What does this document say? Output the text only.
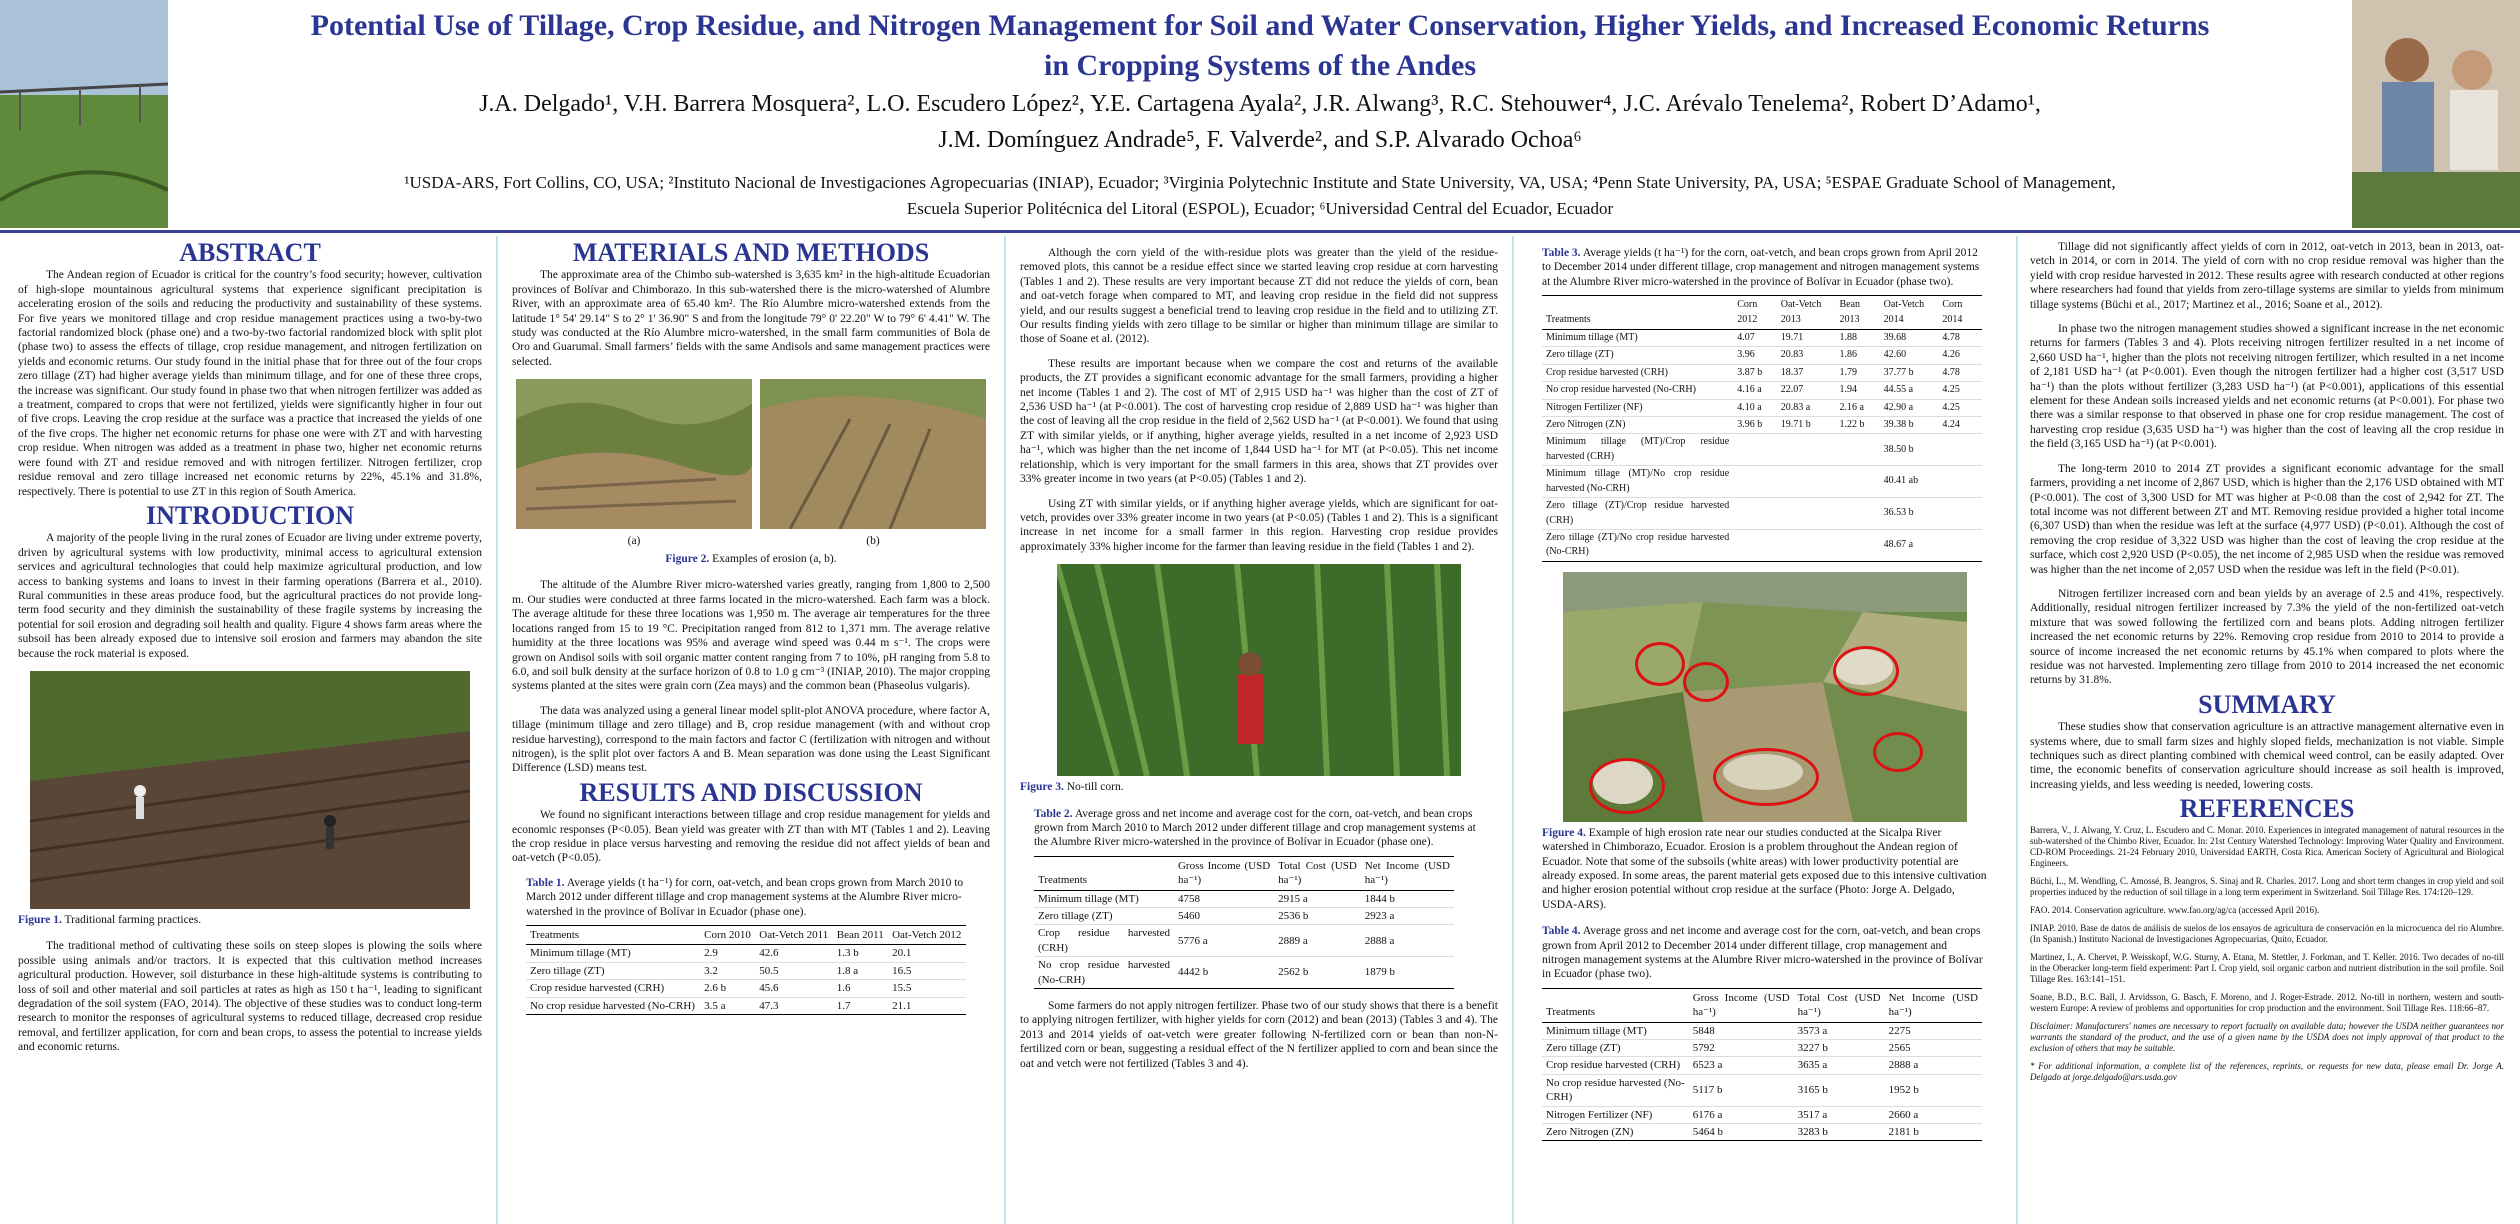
Potential Use of Tillage, Crop Residue, and Nitrogen Management for Soil and Water Conservation, Higher Yields, and Increased Economic Returns
in Cropping Systems of the Andes
J.A. Delgado¹, V.H. Barrera Mosquera², L.O. Escudero López², Y.E. Cartagena Ayala², J.R. Alwang³, R.C. Stehouwer⁴, J.C. Arévalo Tenelema², Robert D’Adamo¹,
J.M. Domínguez Andrade⁵, F. Valverde², and S.P. Alvarado Ochoa⁶
¹USDA-ARS, Fort Collins, CO, USA; ²Instituto Nacional de Investigaciones Agropecuarias (INIAP), Ecuador; ³Virginia Polytechnic Institute and State University, VA, USA; ⁴Penn State University, PA, USA; ⁵ESPAE Graduate School of Management,
Escuela Superior Politécnica del Litoral (ESPOL), Ecuador; ⁶Universidad Central del Ecuador, Ecuador
ABSTRACT

The Andean region of Ecuador is critical for the country’s food security; however, cultivation of high-slope mountainous agricultural systems that experience significant precipitation is accelerating erosion of the soils and reducing the productivity and sustainability of these systems. For five years we monitored tillage and crop residue management practices using a two-by-two factorial randomized block (phase one) and a two-by-two factorial randomized block with split plot (phase two) to assess the effects of tillage, crop residue management, and nitrogen fertilization on yields and economic returns. Our study found in the initial phase that for three out of the four crops zero tillage (ZT) had higher average yields than minimum tillage, and for one of these three crops, the increase was significant. Our study found in phase two that when nitrogen fertilizer was added as a treatment, compared to crops that were not fertilized, yields were significantly higher in four out of five crops. Leaving the crop residue at the surface was a practice that increased the yields of one of the five crops. The higher net economic returns for phase one were with ZT and with harvesting crop residue. When nitrogen was added as a treatment in phase two, higher net economic returns were found with ZT and residue removed and with nitrogen fertilizer. Nitrogen fertilizer, crop residue removal and zero tillage increased net economic returns by 22%, 45.1% and 31.8%, respectively. There is potential to use ZT in this region of South America.

INTRODUCTION

A majority of the people living in the rural zones of Ecuador are living under extreme poverty, driven by agricultural systems with low productivity, minimal access to agricultural extension services and agricultural technologies that could help maximize agricultural production, and low access to banking systems and loans to invest in their farming operations (Barrera et al., 2010). Rural communities in these areas produce food, but the agricultural practices do not provide long-term food security and they diminish the sustainability of these fragile systems by increasing the potential for soil erosion and degrading soil health and quality. Figure 4 shows farm areas where the subsoil has been already exposed due to intensive soil erosion and farmers may abandon the site because the rock material is exposed.

Figure 1. Traditional farming practices.

The traditional method of cultivating these soils on steep slopes is plowing the soils where possible using animals and/or tractors. It is expected that this cultivation method increases agricultural production. However, soil disturbance in these high-altitude systems is contributing to loss of soil and other material and soil particles at rates as high as 150 t ha⁻¹, leading to significant degradation of the soil system (FAO, 2014). The objective of these studies was to conduct long-term research to monitor the responses of agricultural systems to reduced tillage, decreased crop residue removal, and fertilizer application, for corn and bean crops, to assess the potential to increase yields and economic returns.

MATERIALS AND METHODS

The approximate area of the Chimbo sub-watershed is 3,635 km² in the high-altitude Ecuadorian provinces of Bolívar and Chimborazo. In this sub-watershed there is the micro-watershed of Alumbre River, with an approximate area of 65.40 km². The Río Alumbre micro-watershed extends from the latitude 1° 54' 29.14" S to 2° 1' 36.90" S and from the longitude 79° 0' 22.20" W to 79° 6' 4.41" W. The study was conducted at the Río Alumbre micro-watershed, in the small farm communities of Bola de Oro and Guarumal. Small farmers’ fields with the same Andisols and same management practices were selected.

(a)	(b)
Figure 2. Examples of erosion (a, b).

The altitude of the Alumbre River micro-watershed varies greatly, ranging from 1,800 to 2,500 m. Our studies were conducted at three farms located in the micro-watershed. Each farm was a block. The average altitude for these three locations was 1,950 m. The average air temperatures for the three locations ranged from 15 to 19 °C. Precipitation ranged from 812 to 1,371 mm. The average relative humidity at the three locations was 95% and average wind speed was 0.44 m s⁻¹. The crops were grown on Andisol soils with soil organic matter content ranging from 7 to 10%, pH ranging from 5.8 to 6.0, and soil bulk density at the surface horizon of 0.8 to 1.0 g cm⁻³ (INIAP, 2010). The major cropping systems planted at the sites were grain corn (Zea mays) and the common bean (Phaseolus vulgaris).

The data was analyzed using a general linear model split-plot ANOVA procedure, where factor A, tillage (minimum tillage and zero tillage) and B, crop residue management (with and without crop residue harvesting), correspond to the main factors and factor C (fertilization with nitrogen and without nitrogen), is the split plot over factors A and B. Mean separation was done using the Least Significant Difference (LSD) means test.

RESULTS AND DISCUSSION

We found no significant interactions between tillage and crop residue management for yields and economic responses (P<0.05). Bean yield was greater with ZT than with MT (Tables 1 and 2). Leaving the crop residue in place versus harvesting and removing the residue did not affect yields of bean and oat-vetch (P<0.05).

Table 1. Average yields (t ha⁻¹) for corn, oat-vetch, and bean crops grown from March 2010 to March 2012 under different tillage and crop management systems at the Alumbre River micro-watershed in the province of Bolívar in Ecuador (phase one).
Treatments	Corn 2010	Oat-Vetch 2011	Bean 2011	Oat-Vetch 2012
Minimum tillage (MT)	2.9	42.6	1.3 b	20.1
Zero tillage (ZT)	3.2	50.5	1.8 a	16.5
Crop residue harvested (CRH)	2.6 b	45.6	1.6	15.5
No crop residue harvested (No-CRH)	3.5 a	47.3	1.7	21.1

Although the corn yield of the with-residue plots was greater than the yield of the residue-removed plots, this cannot be a residue effect since we started leaving crop residue at corn harvesting (Tables 1 and 2). These results are very important because ZT did not reduce the yields of corn, bean and oat-vetch forage when compared to MT, and leaving crop residue in the field did not suppress yield, and our results suggest a beneficial trend to leaving crop residue in the field and to utilizing ZT. Our results finding yields with zero tillage to be similar or higher than minimum tillage are similar to those of Soane et al. (2012).

These results are important because when we compare the cost and returns of the available products, the ZT provides a significant economic advantage for the small farmers, providing a higher net income (Tables 1 and 2). The cost of MT of 2,915 USD ha⁻¹ was higher than the cost of ZT of 2,536 USD ha⁻¹ (at P<0.001). The cost of harvesting crop residue of 2,889 USD ha⁻¹ was higher than the cost of leaving all the crop residue in the field of 2,562 USD ha⁻¹ (at P<0.001). We found that using ZT with similar yields, or if anything, higher average yields, resulted in a net income of 2,923 USD ha⁻¹, which was higher than the net income of 1,844 USD ha⁻¹ for MT (at P<0.05). This net income relationship, which is very important for the small farmers in this area, shows that ZT provides over 33% greater income in two years (at P<0.05) (Tables 1 and 2).

Using ZT with similar yields, or if anything higher average yields, which are significant for oat-vetch, provides over 33% greater income in two years (at P<0.05) (Tables 1 and 2). This is a significant increase in net income for a small farmer in this region. Harvesting crop residue provides approximately 33% higher income for the farmer than leaving residue in the field (Tables 1 and 2).

Figure 3. No-till corn.
Table 2. Average gross and net income and average cost for the corn, oat-vetch, and bean crops grown from March 2010 to March 2012 under different tillage and crop management systems at the Alumbre River micro-watershed in the province of Bolívar in Ecuador (phase one).
Treatments	Gross Income (USD ha⁻¹)	Total Cost (USD ha⁻¹)	Net Income (USD ha⁻¹)
Minimum tillage (MT)	4758	2915 a	1844 b
Zero tillage (ZT)	5460	2536 b	2923 a
Crop residue harvested (CRH)	5776 a	2889 a	2888 a
No crop residue harvested (No-CRH)	4442 b	2562 b	1879 b

Some farmers do not apply nitrogen fertilizer. Phase two of our study shows that there is a benefit to applying nitrogen fertilizer, with higher yields for corn (2012) and bean (2013) (Tables 3 and 4). The 2013 and 2014 yields of oat-vetch were greater following N-fertilized corn or bean than non-N-fertilized corn or bean, suggesting a residual effect of the N fertilizer applied to corn and bean since the oat and vetch were not fertilized (Tables 3 and 4).

Table 3. Average yields (t ha⁻¹) for the corn, oat-vetch, and bean crops grown from April 2012 to December 2014 under different tillage, crop management and nitrogen management systems at the Alumbre River micro-watershed in the province of Bolívar in Ecuador (phase two).
Treatments	Corn 2012	Oat-Vetch 2013	Bean 2013	Oat-Vetch 2014	Corn 2014
Minimum tillage (MT)	4.07	19.71	1.88	39.68	4.78
Zero tillage (ZT)	3.96	20.83	1.86	42.60	4.26
Crop residue harvested (CRH)	3.87 b	18.37	1.79	37.77 b	4.78
No crop residue harvested (No-CRH)	4.16 a	22.07	1.94	44.55 a	4.25
Nitrogen Fertilizer (NF)	4.10 a	20.83 a	2.16 a	42.90 a	4.25
Zero Nitrogen (ZN)	3.96 b	19.71 b	1.22 b	39.38 b	4.24
Minimum tillage (MT)/Crop residue harvested (CRH)				38.50 b	
Minimum tillage (MT)/No crop residue harvested (No-CRH)				40.41 ab	
Zero tillage (ZT)/Crop residue harvested (CRH)				36.53 b	
Zero tillage (ZT)/No crop residue harvested (No-CRH)				48.67 a	
Figure 4. Example of high erosion rate near our studies conducted at the Sicalpa River watershed in Chimborazo, Ecuador. Erosion is a problem throughout the Andean region of Ecuador. Note that some of the subsoils (white areas) with lower productivity potential are already exposed. In some areas, the parent material gets exposed due to this intensive cultivation and higher erosion potential without crop residue at the surface (Photo: Jorge A. Delgado, USDA-ARS).
Table 4. Average gross and net income and average cost for the corn, oat-vetch, and bean crops grown from April 2012 to December 2014 under different tillage, crop management and nitrogen management systems at the Alumbre River micro-watershed in the province of Bolívar in Ecuador (phase two).
Treatments	Gross Income (USD ha⁻¹)	Total Cost (USD ha⁻¹)	Net Income (USD ha⁻¹)
Minimum tillage (MT)	5848	3573 a	2275
Zero tillage (ZT)	5792	3227 b	2565
Crop residue harvested (CRH)	6523 a	3635 a	2888 a
No crop residue harvested (No-CRH)	5117 b	3165 b	1952 b
Nitrogen Fertilizer (NF)	6176 a	3517 a	2660 a
Zero Nitrogen (ZN)	5464 b	3283 b	2181 b

Tillage did not significantly affect yields of corn in 2012, oat-vetch in 2013, bean in 2013, oat-vetch in 2014, or corn in 2014. The yield of corn with no crop residue removal was higher than the yield with crop residue harvested in 2012. These results agree with research conducted at other regions where researchers had found that yields from zero-tillage systems are similar to yields from minimum tillage systems (Büchi et al., 2017; Martinez et al., 2016; Soane et al., 2012).

In phase two the nitrogen management studies showed a significant increase in the net economic returns for farmers (Tables 3 and 4). Plots receiving nitrogen fertilizer resulted in a net income of 2,660 USD ha⁻¹, higher than the plots not receiving nitrogen fertilizer, which resulted in a net income of 2,181 USD ha⁻¹ (at P<0.001). Even though the nitrogen fertilizer had a higher cost (3,517 USD ha⁻¹) than the plots without fertilizer (3,283 USD ha⁻¹) (at P<0.001), applications of this essential element for these Andean soils increased yields and net economic returns (at P<0.001). For phase two there was a similar response to that observed in phase one for crop residue management. The cost of harvesting crop residue (3,635 USD ha⁻¹) was higher than the cost of leaving all the crop residue in the field (3,165 USD ha⁻¹) (at P<0.001).

The long-term 2010 to 2014 ZT provides a significant economic advantage for the small farmers, providing a net income of 2,867 USD, which is higher than the 2,176 USD obtained with MT (P<0.001). The cost of 3,300 USD for MT was higher at P<0.08 than the cost of 2,942 for ZT. The total income was not different between ZT and MT. Removing residue provided a higher total income (6,307 USD) than when the residue was left at the surface (4,977 USD) (P<0.01). Although the cost of removing the crop residue of 3,322 USD was higher than the cost of leaving the crop residue at the surface, which cost 2,920 USD (P<0.05), the net income of 2,985 USD when the residue was removed was higher than the net income of 2,057 USD when the residue was left in the field (P<0.01).

Nitrogen fertilizer increased corn and bean yields by an average of 2.5 and 41%, respectively. Additionally, residual nitrogen fertilizer increased by 7.3% the yield of the non-fertilized oat-vetch mixture that was sowed following the fertilized corn and beans plots. Adding nitrogen fertilizer increased the net economic returns by 22%. Removing crop residue from 2010 to 2014 to provide a source of income increased the net economic returns by 45.1% when compared to plots where the residue was not harvested. Implementing zero tillage from 2010 to 2014 increased the net economic returns by 31.8%.

SUMMARY

These studies show that conservation agriculture is an attractive management alternative even in systems where, due to small farm sizes and highly sloped fields, mechanization is not viable. Simple techniques such as direct planting combined with chemical weed control, can be easily adapted. Over time, the economic benefits of conservation agriculture should increase as soil health is improved, increasing yields, and less weeding is needed, lowering costs.

REFERENCES
Barrera, V., J. Alwang, Y. Cruz, L. Escudero and C. Monar. 2010. Experiences in integrated management of natural resources in the sub-watershed of the Chimbo River, Ecuador. In: 21st Century Watershed Technology: Improving Water Quality and Environment. CD-ROM Proceedings. 21-24 February 2010, Universidad EARTH, Costa Rica. American Society of Agricultural and Biological Engineers.
Büchi, L., M. Wendling, C. Amossé, B. Jeangros, S. Sinaj and R. Charles. 2017. Long and short term changes in crop yield and soil properties induced by the reduction of soil tillage in a long term experiment in Switzerland. Soil Tillage Res. 174:120–129.
FAO. 2014. Conservation agriculture. www.fao.org/ag/ca (accessed April 2016).
INIAP. 2010. Base de datos de análisis de suelos de los ensayos de agricultura de conservación en la microcuenca del río Alumbre. (In Spanish.) Instituto Nacional de Investigaciones Agropecuarias, Quito, Ecuador.
Martinez, I., A. Chervet, P. Weisskopf, W.G. Sturny, A. Etana, M. Stettler, J. Forkman, and T. Keller. 2016. Two decades of no-till in the Oberacker long-term field experiment: Part I. Crop yield, soil organic carbon and nutrient distribution in the soil profile. Soil Tillage Res. 163:141–151.
Soane, B.D., B.C. Ball, J. Arvidsson, G. Basch, F. Moreno, and J. Roger-Estrade. 2012. No-till in northern, western and south-western Europe: A review of problems and opportunities for crop production and the environment. Soil Tillage Res. 118:66–87.
Disclaimer: Manufacturers' names are necessary to report factually on available data; however the USDA neither guarantees nor warrants the standard of the product, and the use of a given name by the USDA does not imply approval of that product to the exclusion of others that may be suitable.
* For additional information, a complete list of the references, reprints, or requests for new data, please email Dr. Jorge A. Delgado at jorge.delgado@ars.usda.gov
